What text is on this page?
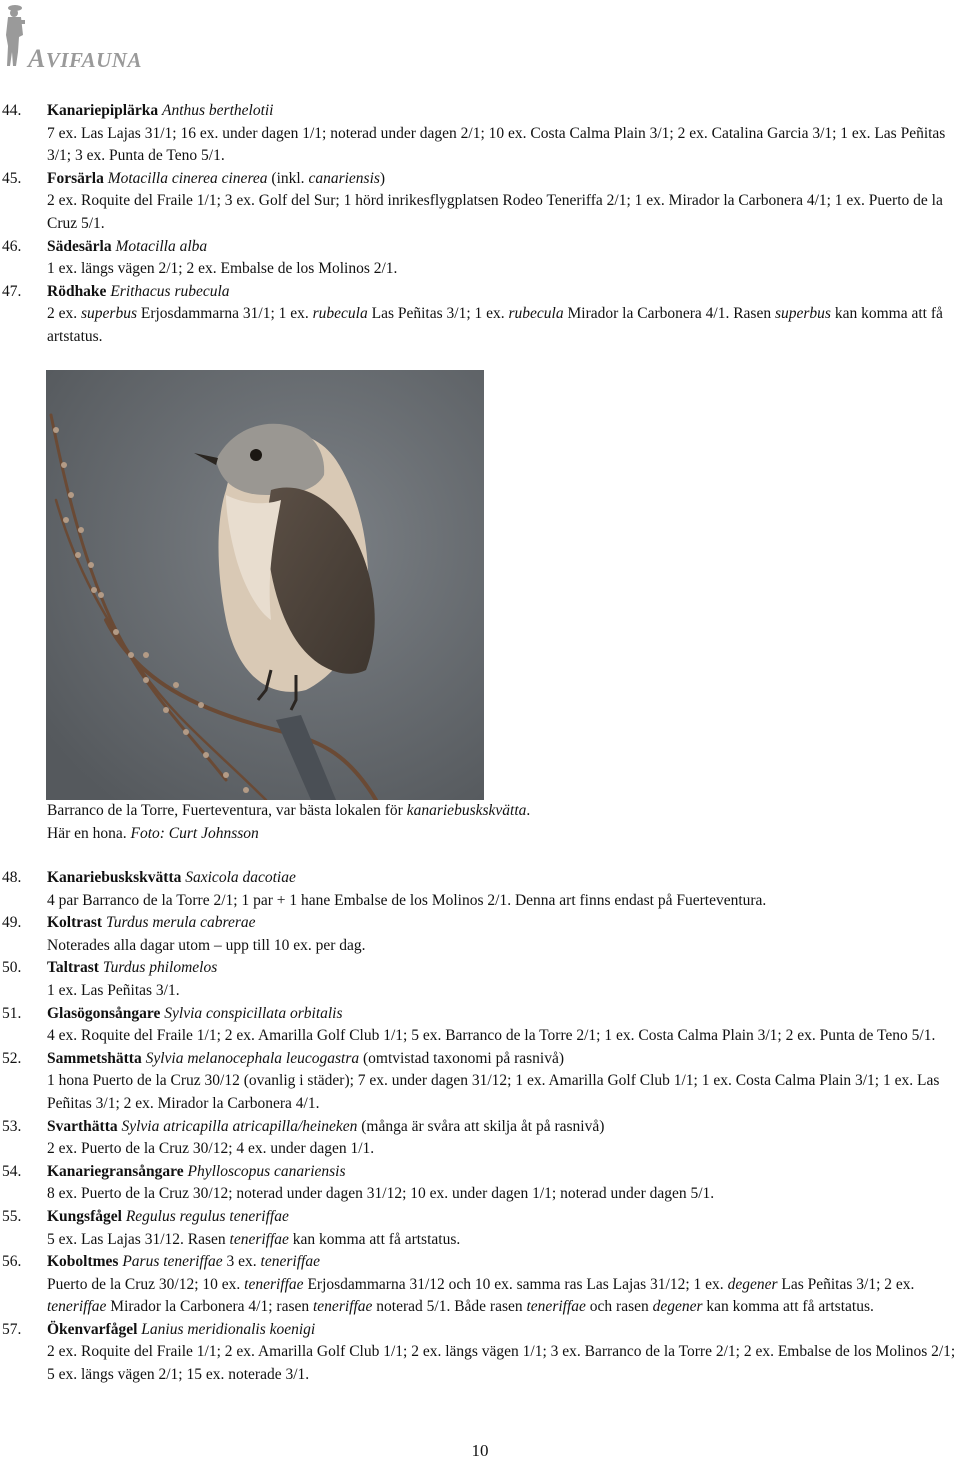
AVIFAUNA
44. Kanariepiplärka Anthus berthelotii
7 ex. Las Lajas 31/1; 16 ex. under dagen 1/1; noterad under dagen 2/1; 10 ex. Costa Calma Plain 3/1; 2 ex. Catalina Garcia 3/1; 1 ex. Las Peñitas 3/1; 3 ex. Punta de Teno 5/1.
45. Forsärla Motacilla cinerea cinerea (inkl. canariensis)
2 ex. Roquite del Fraile 1/1; 3 ex. Golf del Sur; 1 hörd inrikesflygplatsen Rodeo Teneriffa 2/1; 1 ex. Mirador la Carbonera 4/1; 1 ex. Puerto de la Cruz 5/1.
46. Sädesärla Motacilla alba
1 ex. längs vägen 2/1; 2 ex. Embalse de los Molinos 2/1.
47. Rödhake Erithacus rubecula
2 ex. superbus Erjosdammarna 31/1; 1 ex. rubecula Las Peñitas 3/1; 1 ex. rubecula Mirador la Carbonera 4/1. Rasen superbus kan komma att få artstatus.
Barranco de la Torre, Fuerteventura, var bästa lokalen för kanariebuskskvätta.
Här en hona. Foto: Curt Johnsson
48. Kanariebuskskvätta Saxicola dacotiae
4 par Barranco de la Torre 2/1; 1 par + 1 hane Embalse de los Molinos 2/1. Denna art finns endast på Fuerteventura.
49. Koltrast Turdus merula cabrerae
Noterades alla dagar utom – upp till 10 ex. per dag.
50. Taltrast Turdus philomelos
1 ex. Las Peñitas 3/1.
51. Glasögonsångare Sylvia conspicillata orbitalis
4 ex. Roquite del Fraile 1/1; 2 ex. Amarilla Golf Club 1/1; 5 ex. Barranco de la Torre 2/1; 1 ex. Costa Calma Plain 3/1; 2 ex. Punta de Teno 5/1.
52. Sammetshätta Sylvia melanocephala leucogastra (omtvistad taxonomi på rasnivå)
1 hona Puerto de la Cruz 30/12 (ovanlig i städer); 7 ex. under dagen 31/12; 1 ex. Amarilla Golf Club 1/1; 1 ex. Costa Calma Plain 3/1; 1 ex. Las Peñitas 3/1; 2 ex. Mirador la Carbonera 4/1.
53. Svarthätta Sylvia atricapilla atricapilla/heineken (många är svåra att skilja åt på rasnivå)
2 ex. Puerto de la Cruz 30/12; 4 ex. under dagen 1/1.
54. Kanariegransångare Phylloscopus canariensis
8 ex. Puerto de la Cruz 30/12; noterad under dagen 31/12; 10 ex. under dagen 1/1; noterad under dagen 5/1.
55. Kungsfågel Regulus regulus teneriffae
5 ex. Las Lajas 31/12. Rasen teneriffae kan komma att få artstatus.
56. Koboltmes Parus teneriffae 3 ex. teneriffae
Puerto de la Cruz 30/12; 10 ex. teneriffae Erjosdammarna 31/12 och 10 ex. samma ras Las Lajas 31/12; 1 ex. degener Las Peñitas 3/1; 2 ex. teneriffae Mirador la Carbonera 4/1; rasen teneriffae noterad 5/1. Både rasen teneriffae och rasen degener kan komma att få artstatus.
57. Ökenvarfågel Lanius meridionalis koenigi
2 ex. Roquite del Fraile 1/1; 2 ex. Amarilla Golf Club 1/1; 2 ex. längs vägen 1/1; 3 ex. Barranco de la Torre 2/1; 2 ex. Embalse de los Molinos 2/1; 5 ex. längs vägen 2/1; 15 ex. noterade 3/1.
10
